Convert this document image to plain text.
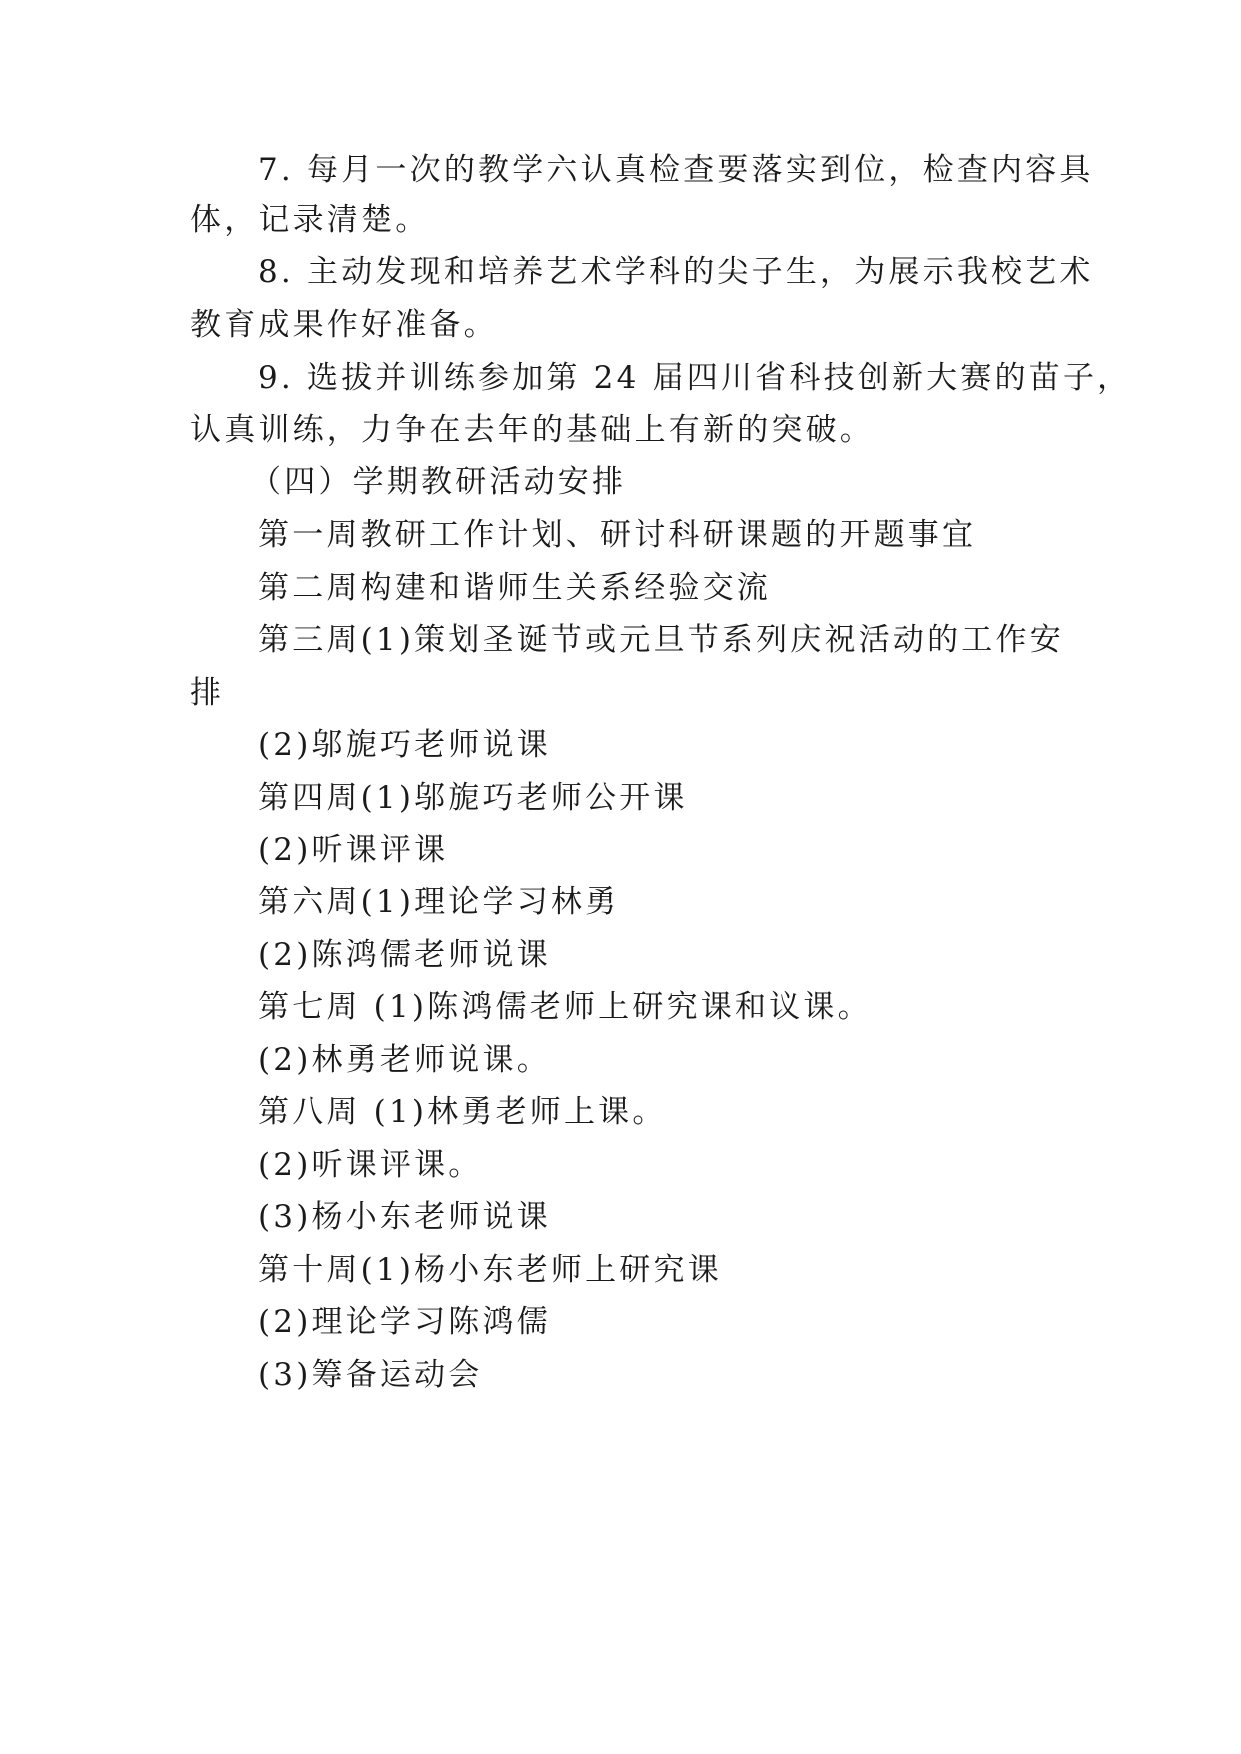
7. 每月一次的教学六认真检查要落实到位，检查内容具
体，记录清楚。
8. 主动发现和培养艺术学科的尖子生，为展示我校艺术
教育成果作好准备。
9. 选拔并训练参加第 24 届四川省科技创新大赛的苗子，
认真训练，力争在去年的基础上有新的突破。
（四）学期教研活动安排
第一周教研工作计划、研讨科研课题的开题事宜
第二周构建和谐师生关系经验交流
第三周(1)策划圣诞节或元旦节系列庆祝活动的工作安
排
(2)邬旎巧老师说课
第四周(1)邬旎巧老师公开课
(2)听课评课
第六周(1)理论学习林勇
(2)陈鸿儒老师说课
第七周 (1)陈鸿儒老师上研究课和议课。
(2)林勇老师说课。
第八周 (1)林勇老师上课。
(2)听课评课。
(3)杨小东老师说课
第十周(1)杨小东老师上研究课
(2)理论学习陈鸿儒
(3)筹备运动会
